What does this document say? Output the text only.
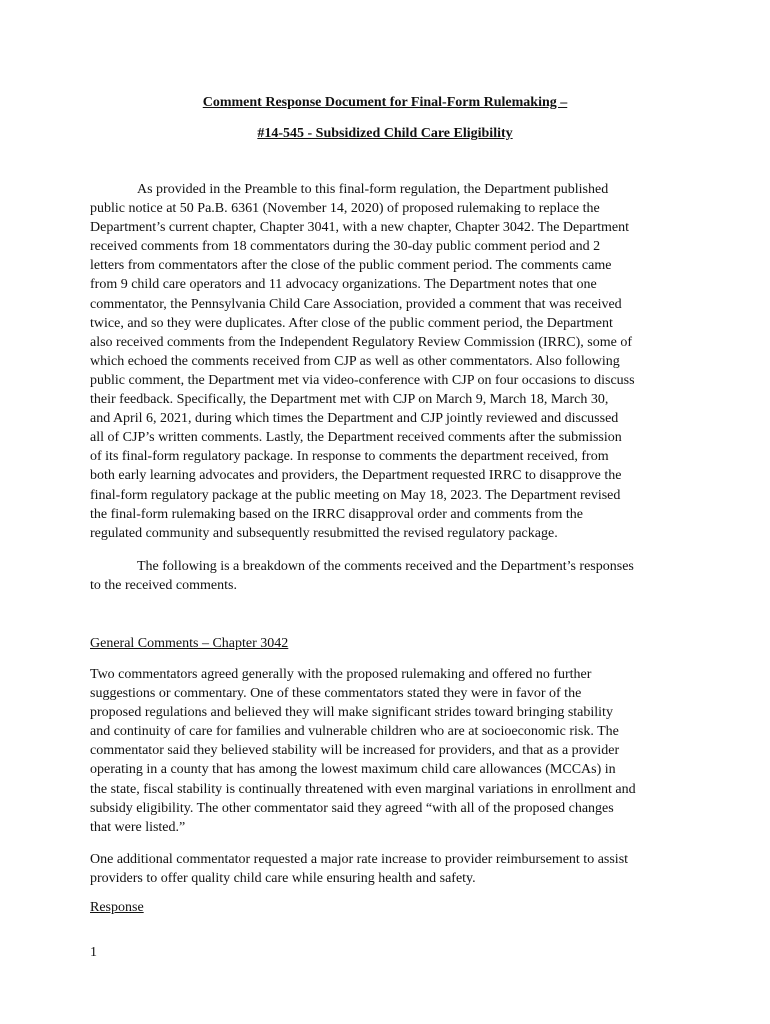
Comment Response Document for Final-Form Rulemaking –

#14-545 - Subsidized Child Care Eligibility

As provided in the Preamble to this final-form regulation, the Department published
public notice at 50 Pa.B. 6361 (November 14, 2020) of proposed rulemaking to replace the
Department’s current chapter, Chapter 3041, with a new chapter, Chapter 3042. The Department
received comments from 18 commentators during the 30-day public comment period and 2
letters from commentators after the close of the public comment period. The comments came
from 9 child care operators and 11 advocacy organizations. The Department notes that one
commentator, the Pennsylvania Child Care Association, provided a comment that was received
twice, and so they were duplicates. After close of the public comment period, the Department
also received comments from the Independent Regulatory Review Commission (IRRC), some of
which echoed the comments received from CJP as well as other commentators. Also following
public comment, the Department met via video-conference with CJP on four occasions to discuss
their feedback. Specifically, the Department met with CJP on March 9, March 18, March 30,
and April 6, 2021, during which times the Department and CJP jointly reviewed and discussed
all of CJP’s written comments. Lastly, the Department received comments after the submission
of its final-form regulatory package. In response to comments the department received, from
both early learning advocates and providers, the Department requested IRRC to disapprove the
final-form regulatory package at the public meeting on May 18, 2023. The Department revised
the final-form rulemaking based on the IRRC disapproval order and comments from the
regulated community and subsequently resubmitted the revised regulatory package.
The following is a breakdown of the comments received and the Department’s responses
to the received comments.

General Comments – Chapter 3042

Two commentators agreed generally with the proposed rulemaking and offered no further
suggestions or commentary. One of these commentators stated they were in favor of the
proposed regulations and believed they will make significant strides toward bringing stability
and continuity of care for families and vulnerable children who are at socioeconomic risk. The
commentator said they believed stability will be increased for providers, and that as a provider
operating in a county that has among the lowest maximum child care allowances (MCCAs) in
the state, fiscal stability is continually threatened with even marginal variations in enrollment and
subsidy eligibility. The other commentator said they agreed “with all of the proposed changes
that were listed.”
One additional commentator requested a major rate increase to provider reimbursement to assist
providers to offer quality child care while ensuring health and safety.

Response

1
